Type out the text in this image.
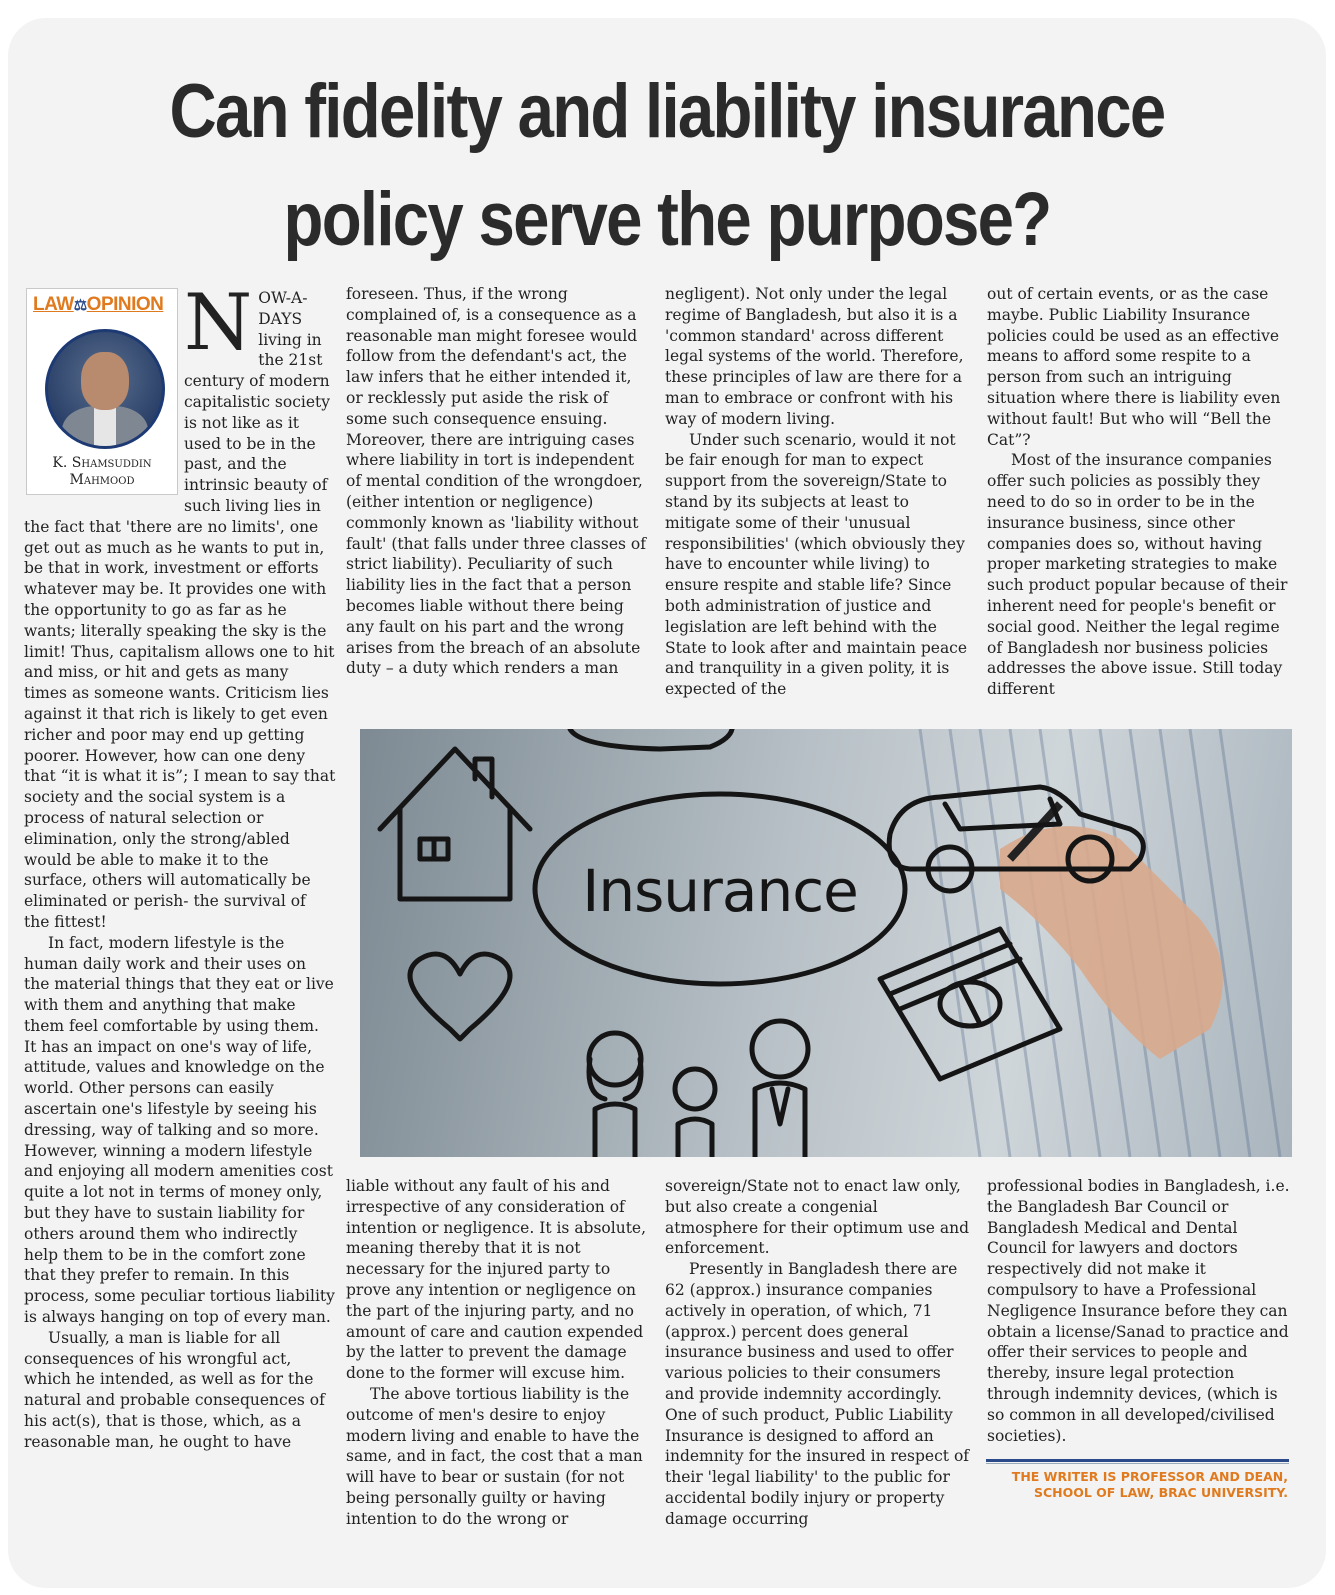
Can fidelity and liability insurance
policy serve the purpose?
LAW⚖OPINION
K. Shamsuddin
Mahmood

NOW-A-DAYS living in the 21st century of modern capitalistic society is not like as it used to be in the past, and the intrinsic beauty of such living lies in the fact that 'there are no limits', one get out as much as he wants to put in, be that in work, investment or efforts whatever may be. It provides one with the opportunity to go as far as he wants; literally speaking the sky is the limit! Thus, capitalism allows one to hit and miss, or hit and gets as many times as someone wants. Criticism lies against it that rich is likely to get even richer and poor may end up getting poorer. However, how can one deny that “it is what it is”; I mean to say that society and the social system is a process of natural selection or elimination, only the strong/abled would be able to make it to the surface, others will automatically be eliminated or perish- the survival of the fittest!

In fact, modern lifestyle is the human daily work and their uses on the material things that they eat or live with them and anything that make them feel comfortable by using them. It has an impact on one's way of life, attitude, values and knowledge on the world. Other persons can easily ascertain one's lifestyle by seeing his dressing, way of talking and so more. However, winning a modern lifestyle and enjoying all modern amenities cost quite a lot not in terms of money only, but they have to sustain liability for others around them who indirectly help them to be in the comfort zone that they prefer to remain. In this process, some peculiar tortious liability is always hanging on top of every man.

Usually, a man is liable for all consequences of his wrongful act, which he intended, as well as for the natural and probable consequences of his act(s), that is those, which, as a reasonable man, he ought to have

foreseen. Thus, if the wrong complained of, is a consequence as a reasonable man might foresee would follow from the defendant's act, the law infers that he either intended it, or recklessly put aside the risk of some such consequence ensuing. Moreover, there are intriguing cases where liability in tort is independent of mental condition of the wrongdoer,(either intention or negligence) commonly known as 'liability without fault' (that falls under three classes of strict liability). Peculiarity of such liability lies in the fact that a person becomes liable without there being any fault on his part and the wrong arises from the breach of an absolute duty – a duty which renders a man

negligent). Not only under the legal regime of Bangladesh, but also it is a 'common standard' across different legal systems of the world. Therefore, these principles of law are there for a man to embrace or confront with his way of modern living.

Under such scenario, would it not be fair enough for man to expect support from the sovereign/State to stand by its subjects at least to mitigate some of their 'unusual responsibilities' (which obviously they have to encounter while living) to ensure respite and stable life? Since both administration of justice and legislation are left behind with the State to look after and maintain peace and tranquility in a given polity, it is expected of the

out of certain events, or as the case maybe. Public Liability Insurance policies could be used as an effective means to afford some respite to a person from such an intriguing situation where there is liability even without fault! But who will “Bell the Cat”?

Most of the insurance companies offer such policies as possibly they need to do so in order to be in the insurance business, since other companies does so, without having proper marketing strategies to make such product popular because of their inherent need for people's benefit or social good. Neither the legal regime of Bangladesh nor business policies addresses the above issue. Still today different

Insurance

liable without any fault of his and irrespective of any consideration of intention or negligence. It is absolute, meaning thereby that it is not necessary for the injured party to prove any intention or negligence on the part of the injuring party, and no amount of care and caution expended by the latter to prevent the damage done to the former will excuse him.

The above tortious liability is the outcome of men's desire to enjoy modern living and enable to have the same, and in fact, the cost that a man will have to bear or sustain (for not being personally guilty or having intention to do the wrong or

sovereign/State not to enact law only, but also create a congenial atmosphere for their optimum use and enforcement.

Presently in Bangladesh there are 62 (approx.) insurance companies actively in operation, of which, 71 (approx.) percent does general insurance business and used to offer various policies to their consumers and provide indemnity accordingly. One of such product, Public Liability Insurance is designed to afford an indemnity for the insured in respect of their 'legal liability' to the public for accidental bodily injury or property damage occurring

professional bodies in Bangladesh, i.e. the Bangladesh Bar Council or Bangladesh Medical and Dental Council for lawyers and doctors respectively did not make it compulsory to have a Professional Negligence Insurance before they can obtain a license/Sanad to practice and offer their services to people and thereby, insure legal protection through indemnity devices, (which is so common in all developed/civilised societies).

THE WRITER IS PROFESSOR AND DEAN, SCHOOL OF LAW, BRAC UNIVERSITY.
